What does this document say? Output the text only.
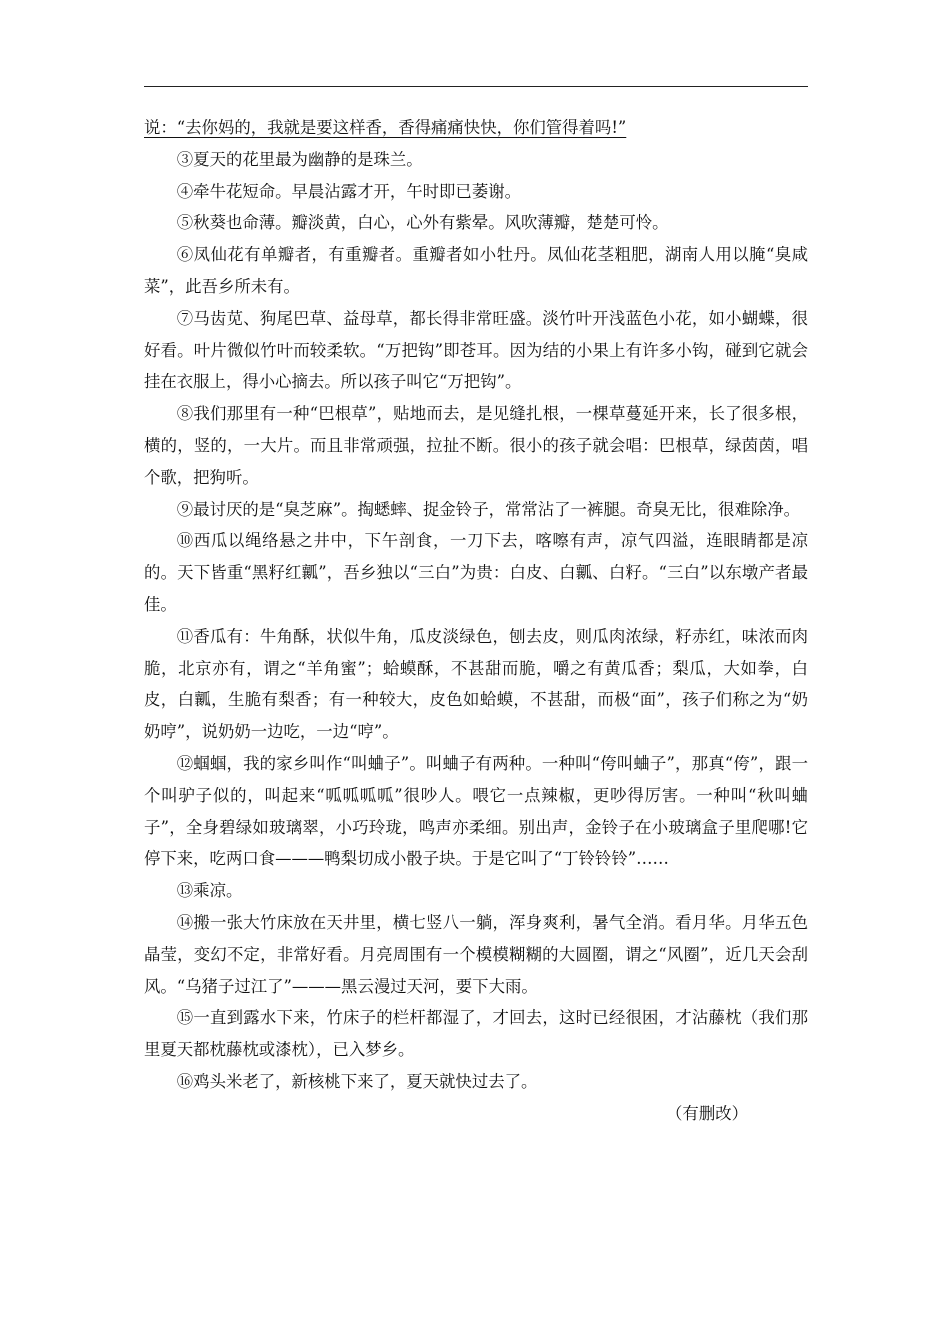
说：“去你妈的，我就是要这样香，香得痛痛快快，你们管得着吗!”

③夏天的花里最为幽静的是珠兰。

④牵牛花短命。早晨沾露才开，午时即已萎谢。

⑤秋葵也命薄。瓣淡黄，白心，心外有紫晕。风吹薄瓣，楚楚可怜。

⑥凤仙花有单瓣者，有重瓣者。重瓣者如小牡丹。凤仙花茎粗肥，湖南人用以腌“臭咸菜”，此吾乡所未有。

⑦马齿苋、狗尾巴草、益母草，都长得非常旺盛。淡竹叶开浅蓝色小花，如小蝴蝶，很好看。叶片微似竹叶而较柔软。“万把钩”即苍耳。因为结的小果上有许多小钩，碰到它就会挂在衣服上，得小心摘去。所以孩子叫它“万把钩”。

⑧我们那里有一种“巴根草”，贴地而去，是见缝扎根，一棵草蔓延开来，长了很多根，横的，竖的，一大片。而且非常顽强，拉扯不断。很小的孩子就会唱：巴根草，绿茵茵，唱个歌，把狗听。

⑨最讨厌的是“臭芝麻”。掏蟋蟀、捉金铃子，常常沾了一裤腿。奇臭无比，很难除净。

⑩西瓜以绳络悬之井中，下午剖食，一刀下去，喀嚓有声，凉气四溢，连眼睛都是凉的。天下皆重“黑籽红瓤”，吾乡独以“三白”为贵：白皮、白瓤、白籽。“三白”以东墩产者最佳。

⑪香瓜有：牛角酥，状似牛角，瓜皮淡绿色，刨去皮，则瓜肉浓绿，籽赤红，味浓而肉脆，北京亦有，谓之“羊角蜜”；蛤蟆酥，不甚甜而脆，嚼之有黄瓜香；梨瓜，大如拳，白皮，白瓤，生脆有梨香；有一种较大，皮色如蛤蟆，不甚甜，而极“面”，孩子们称之为“奶奶哼”，说奶奶一边吃，一边“哼”。

⑫蝈蝈，我的家乡叫作“叫蛐子”。叫蛐子有两种。一种叫“侉叫蛐子”，那真“侉”，跟一个叫驴子似的，叫起来“呱呱呱呱”很吵人。喂它一点辣椒，更吵得厉害。一种叫“秋叫蛐子”，全身碧绿如玻璃翠，小巧玲珑，鸣声亦柔细。别出声，金铃子在小玻璃盒子里爬哪!它停下来，吃两口食———鸭梨切成小骰子块。于是它叫了“丁铃铃铃”……

⑬乘凉。

⑭搬一张大竹床放在天井里，横七竖八一躺，浑身爽利，暑气全消。看月华。月华五色晶莹，变幻不定，非常好看。月亮周围有一个模模糊糊的大圆圈，谓之“风圈”，近几天会刮风。“乌猪子过江了”———黑云漫过天河，要下大雨。

⑮一直到露水下来，竹床子的栏杆都湿了，才回去，这时已经很困，才沾藤枕（我们那里夏天都枕藤枕或漆枕），已入梦乡。

⑯鸡头米老了，新核桃下来了，夏天就快过去了。

（有删改）
